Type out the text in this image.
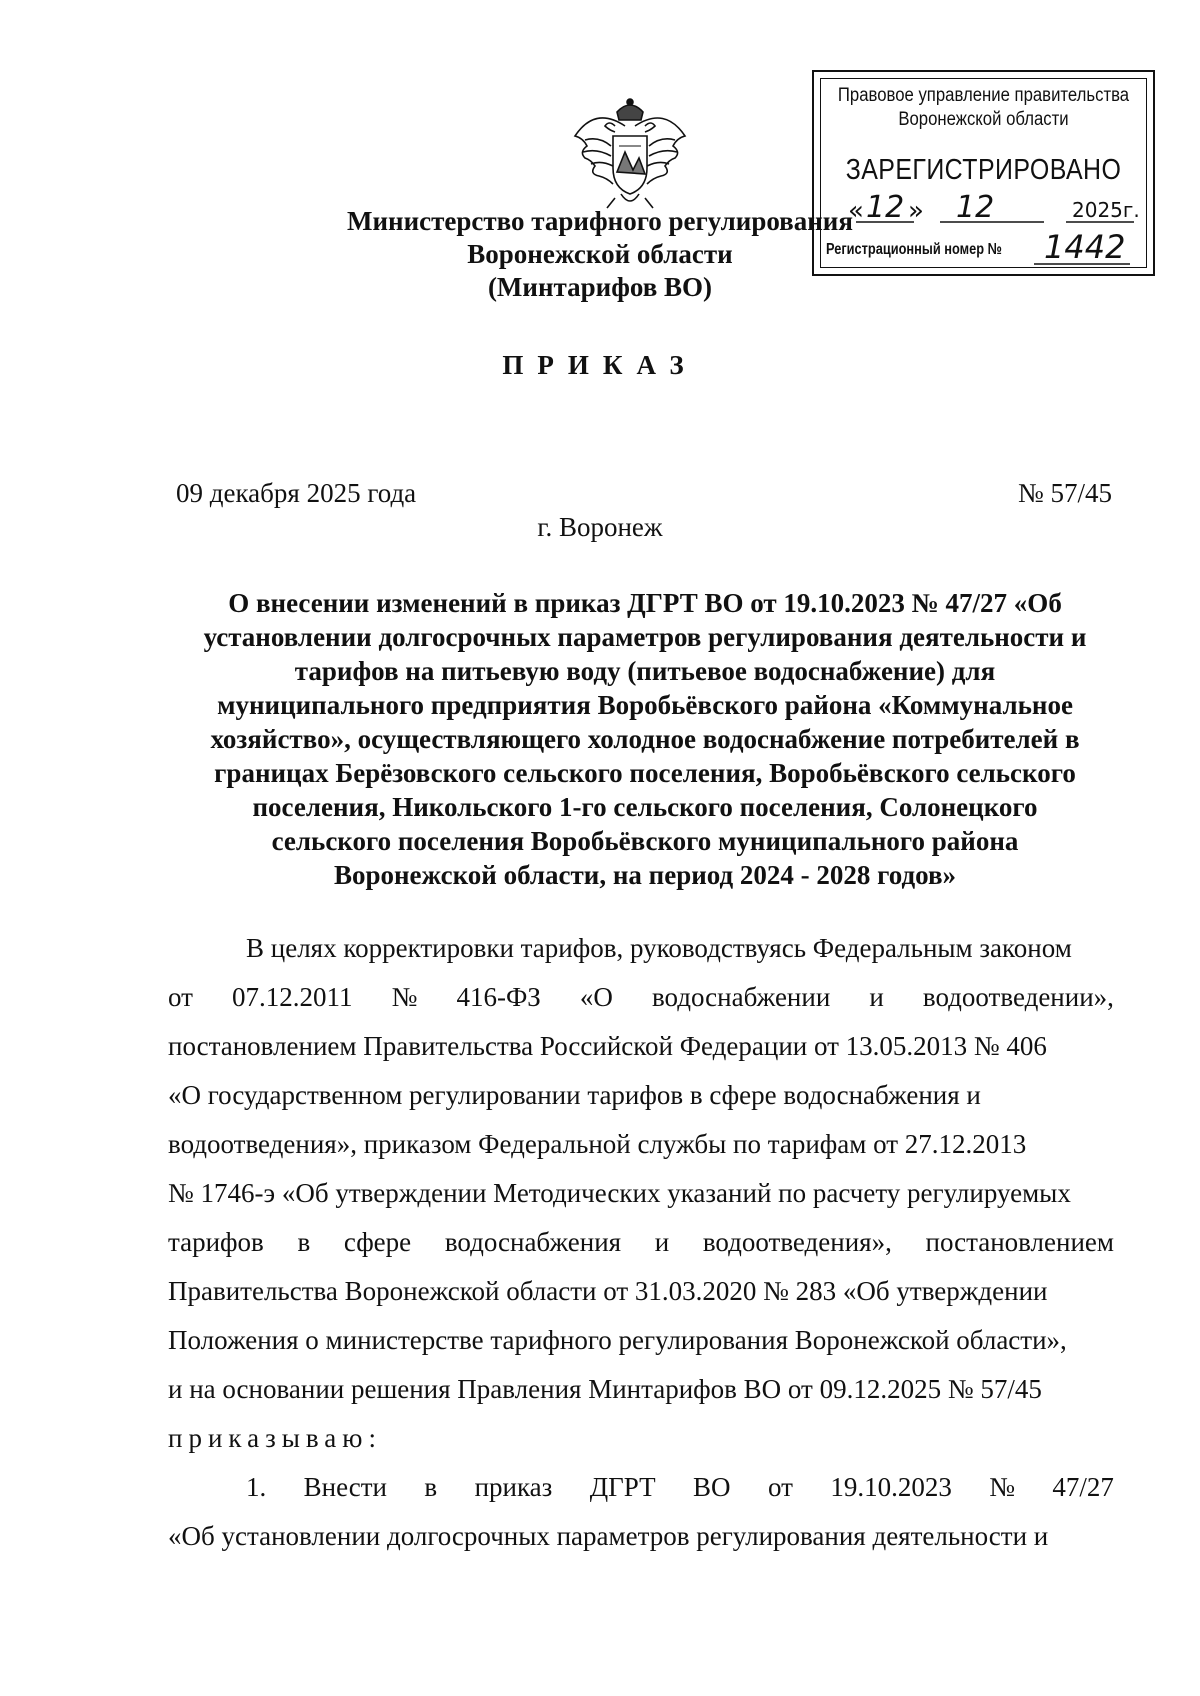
Правовое управление правительства
Воронежской области
ЗАРЕГИСТРИРОВАНО
« 12 » 12	2025г.
Регистрационный номер № 1442
Министерство тарифного регулирования
Воронежской области
(Минтарифов ВО)
ПРИКАЗ
09 декабря 2025 года	№ 57/45
г. Воронеж
О внесении изменений в приказ ДГРТ ВО от 19.10.2023 № 47/27 «Об
установлении долгосрочных параметров регулирования деятельности и
тарифов на питьевую воду (питьевое водоснабжение) для
муниципального предприятия Воробьёвского района «Коммунальное
хозяйство», осуществляющего холодное водоснабжение потребителей в
границах Берёзовского сельского поселения, Воробьёвского сельского
поселения, Никольского 1-го сельского поселения, Солонецкого
сельского поселения Воробьёвского муниципального района
Воронежской области, на период 2024 - 2028 годов»
В целях корректировки тарифов, руководствуясь Федеральным законом
от 07.12.2011 № 416-ФЗ «О водоснабжении и водоотведении»,
постановлением Правительства Российской Федерации от 13.05.2013 № 406
«О государственном регулировании тарифов в сфере водоснабжения и
водоотведения», приказом Федеральной службы по тарифам от 27.12.2013
№ 1746-э «Об утверждении Методических указаний по расчету регулируемых
тарифов в сфере водоснабжения и водоотведения», постановлением
Правительства Воронежской области от 31.03.2020 № 283 «Об утверждении
Положения о министерстве тарифного регулирования Воронежской области»,
и на основании решения Правления Минтарифов ВО от 09.12.2025 № 57/45
приказываю:
1. Внести в приказ ДГРТ ВО от 19.10.2023 № 47/27
«Об установлении долгосрочных параметров регулирования деятельности и
